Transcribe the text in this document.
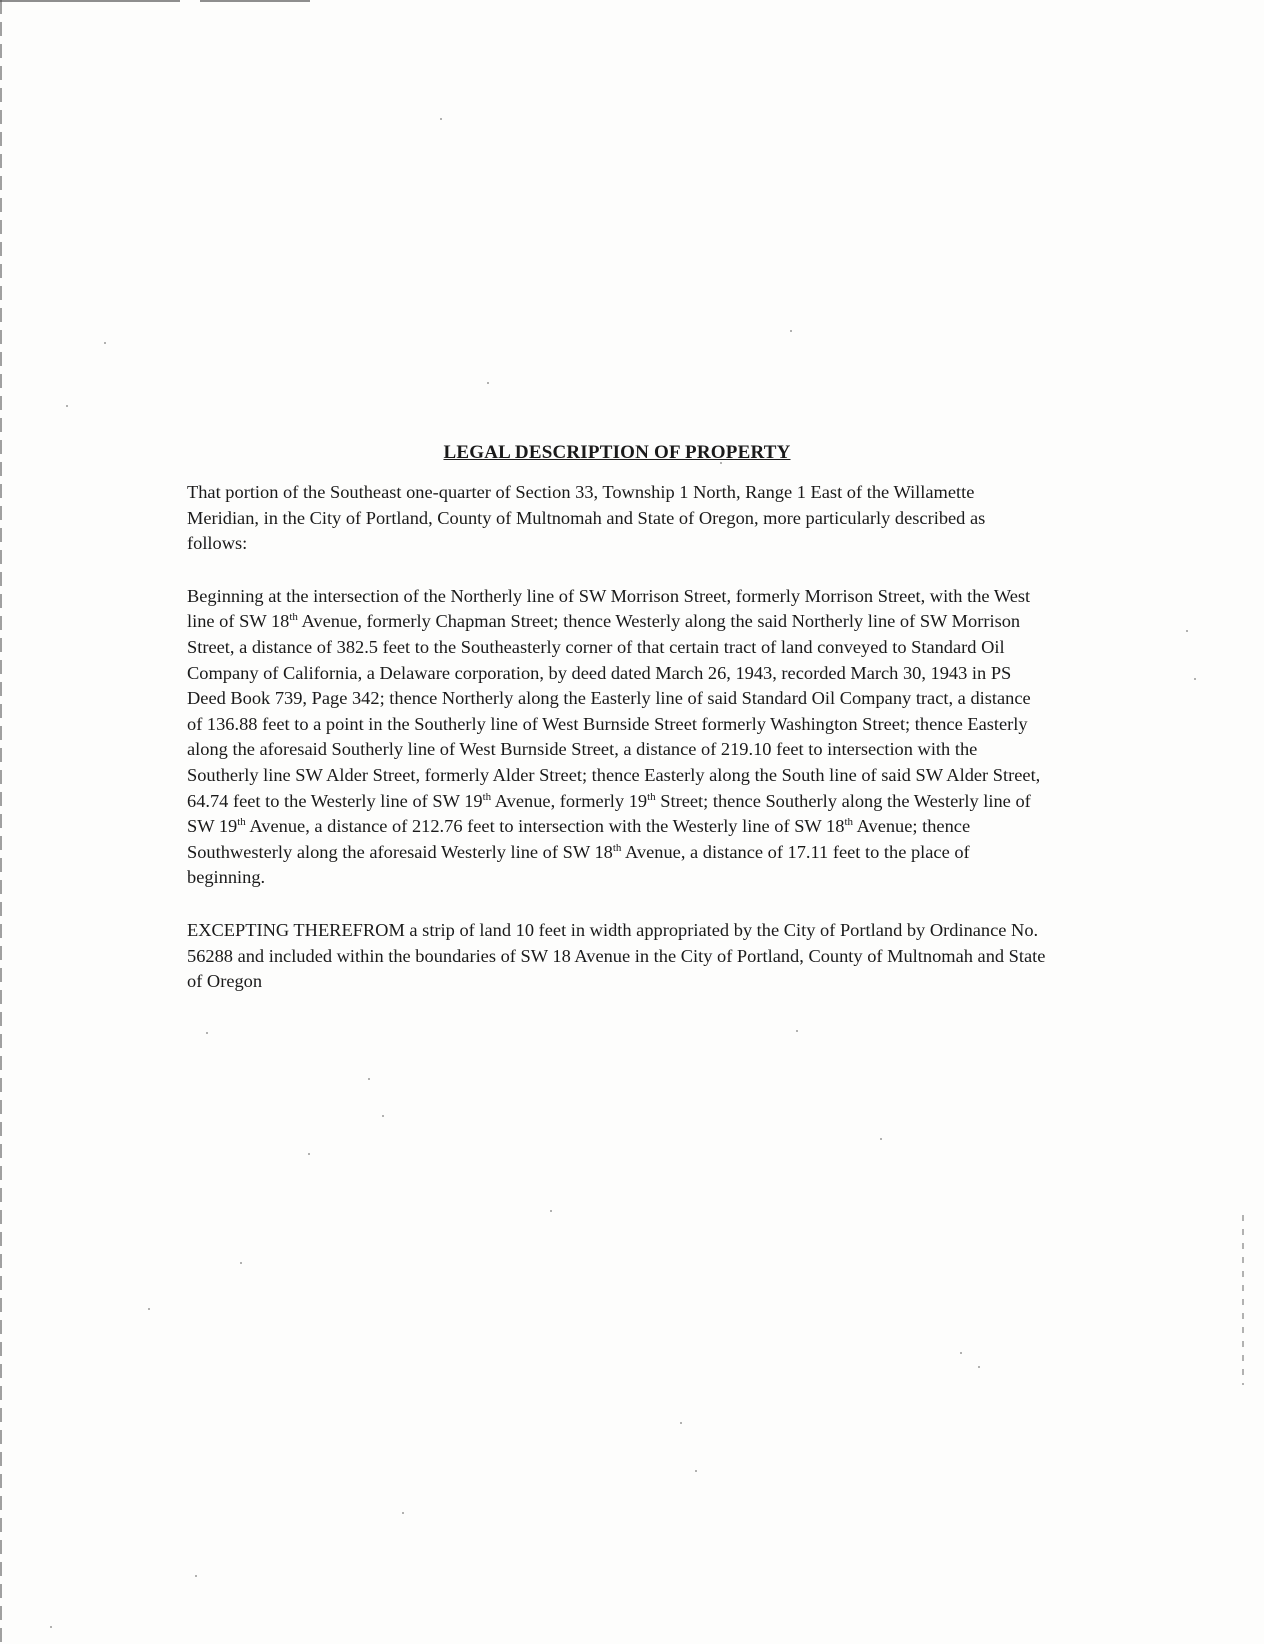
LEGAL DESCRIPTION OF PROPERTY

That portion of the Southeast one-quarter of Section 33, Township 1 North, Range 1 East of the Willamette Meridian, in the City of Portland, County of Multnomah and State of Oregon, more particularly described as follows:

Beginning at the intersection of the Northerly line of SW Morrison Street, formerly Morrison Street, with the West line of SW 18th Avenue, formerly Chapman Street; thence Westerly along the said Northerly line of SW Morrison Street, a distance of 382.5 feet to the Southeasterly corner of that certain tract of land conveyed to Standard Oil Company of California, a Delaware corporation, by deed dated March 26, 1943, recorded March 30, 1943 in PS Deed Book 739, Page 342; thence Northerly along the Easterly line of said Standard Oil Company tract, a distance of 136.88 feet to a point in the Southerly line of West Burnside Street formerly Washington Street; thence Easterly along the aforesaid Southerly line of West Burnside Street, a distance of 219.10 feet to intersection with the Southerly line SW Alder Street, formerly Alder Street; thence Easterly along the South line of said SW Alder Street, 64.74 feet to the Westerly line of SW 19th Avenue, formerly 19th Street; thence Southerly along the Westerly line of SW 19th Avenue, a distance of 212.76 feet to intersection with the Westerly line of SW 18th Avenue; thence Southwesterly along the aforesaid Westerly line of SW 18th Avenue, a distance of 17.11 feet to the place of beginning.

EXCEPTING THEREFROM a strip of land 10 feet in width appropriated by the City of Portland by Ordinance No. 56288 and included within the boundaries of SW 18 Avenue in the City of Portland, County of Multnomah and State of Oregon
